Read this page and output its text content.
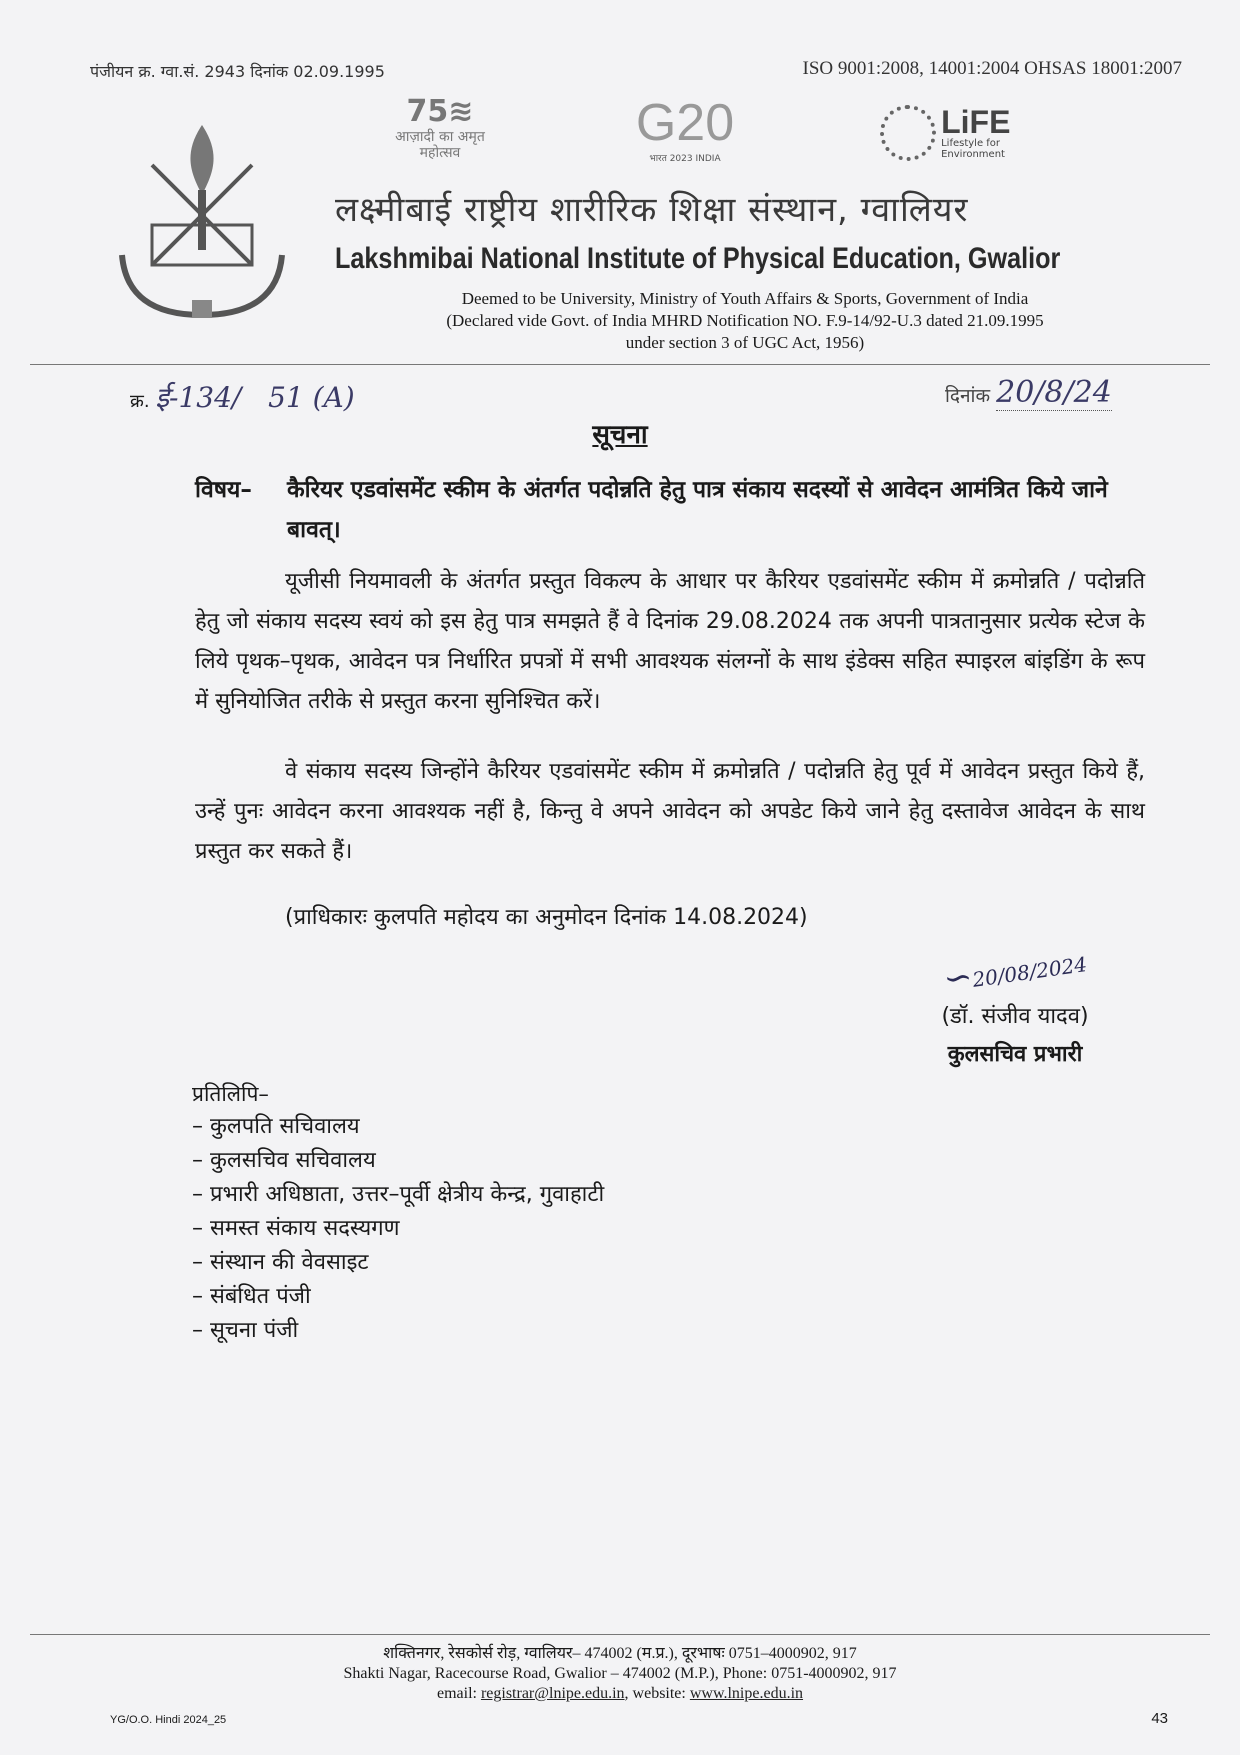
पंजीयन क्र. ग्वा.सं. 2943 दिनांक 02.09.1995	ISO 9001:2008, 14001:2004 OHSAS 18001:2007
75≋
आज़ादी का अमृत महोत्सव
G20
भारत 2023 INDIA

LiFE
Lifestyle for Environment
लक्ष्मीबाई राष्ट्रीय शारीरिक शिक्षा संस्थान, ग्वालियर
Lakshmibai National Institute of Physical Education, Gwalior
Deemed to be University, Ministry of Youth Affairs & Sports, Government of India
(Declared vide Govt. of India MHRD Notification NO. F.9-14/92-U.3 dated 21.09.1995
under section 3 of UGC Act, 1956)
क्र. ई-134/   51 (A)	दिनांक 20/8/24
सूचना
विषय–	कैरियर एडवांसमेंट स्कीम के अंतर्गत पदोन्नति हेतु पात्र संकाय सदस्यों से आवेदन आमंत्रित किये जाने बावत्।
यूजीसी नियमावली के अंतर्गत प्रस्तुत विकल्प के आधार पर कैरियर एडवांसमेंट स्कीम में क्रमोन्नति / पदोन्नति हेतु जो संकाय सदस्य स्वयं को इस हेतु पात्र समझते हैं वे दिनांक 29.08.2024 तक अपनी पात्रतानुसार प्रत्येक स्टेज के लिये पृथक–पृथक, आवेदन पत्र निर्धारित प्रपत्रों में सभी आवश्यक संलग्नों के साथ इंडेक्स सहित स्पाइरल बांइडिंग के रूप में सुनियोजित तरीके से प्रस्तुत करना सुनिश्चित करें।
वे संकाय सदस्य जिन्होंने कैरियर एडवांसमेंट स्कीम में क्रमोन्नति / पदोन्नति हेतु पूर्व में आवेदन प्रस्तुत किये हैं, उन्हें पुनः आवेदन करना आवश्यक नहीं है, किन्तु वे अपने आवेदन को अपडेट किये जाने हेतु दस्तावेज आवेदन के साथ प्रस्तुत कर सकते हैं।
(प्राधिकारः कुलपति महोदय का अनुमोदन दिनांक 14.08.2024)
∽20/08/2024
(डॉ. संजीव यादव)
कुलसचिव प्रभारी
प्रतिलिपि–
– कुलपति सचिवालय
– कुलसचिव सचिवालय
– प्रभारी अधिष्ठाता, उत्तर–पूर्वी क्षेत्रीय केन्द्र, गुवाहाटी
– समस्त संकाय सदस्यगण
– संस्थान की वेवसाइट
– संबंधित पंजी
– सूचना पंजी
शक्तिनगर, रेसकोर्स रोड़, ग्वालियर– 474002 (म.प्र.), दूरभाषः 0751–4000902, 917
Shakti Nagar, Racecourse Road, Gwalior – 474002 (M.P.), Phone: 0751-4000902, 917
email: registrar@lnipe.edu.in, website: www.lnipe.edu.in
YG/O.O. Hindi 2024_25	43
